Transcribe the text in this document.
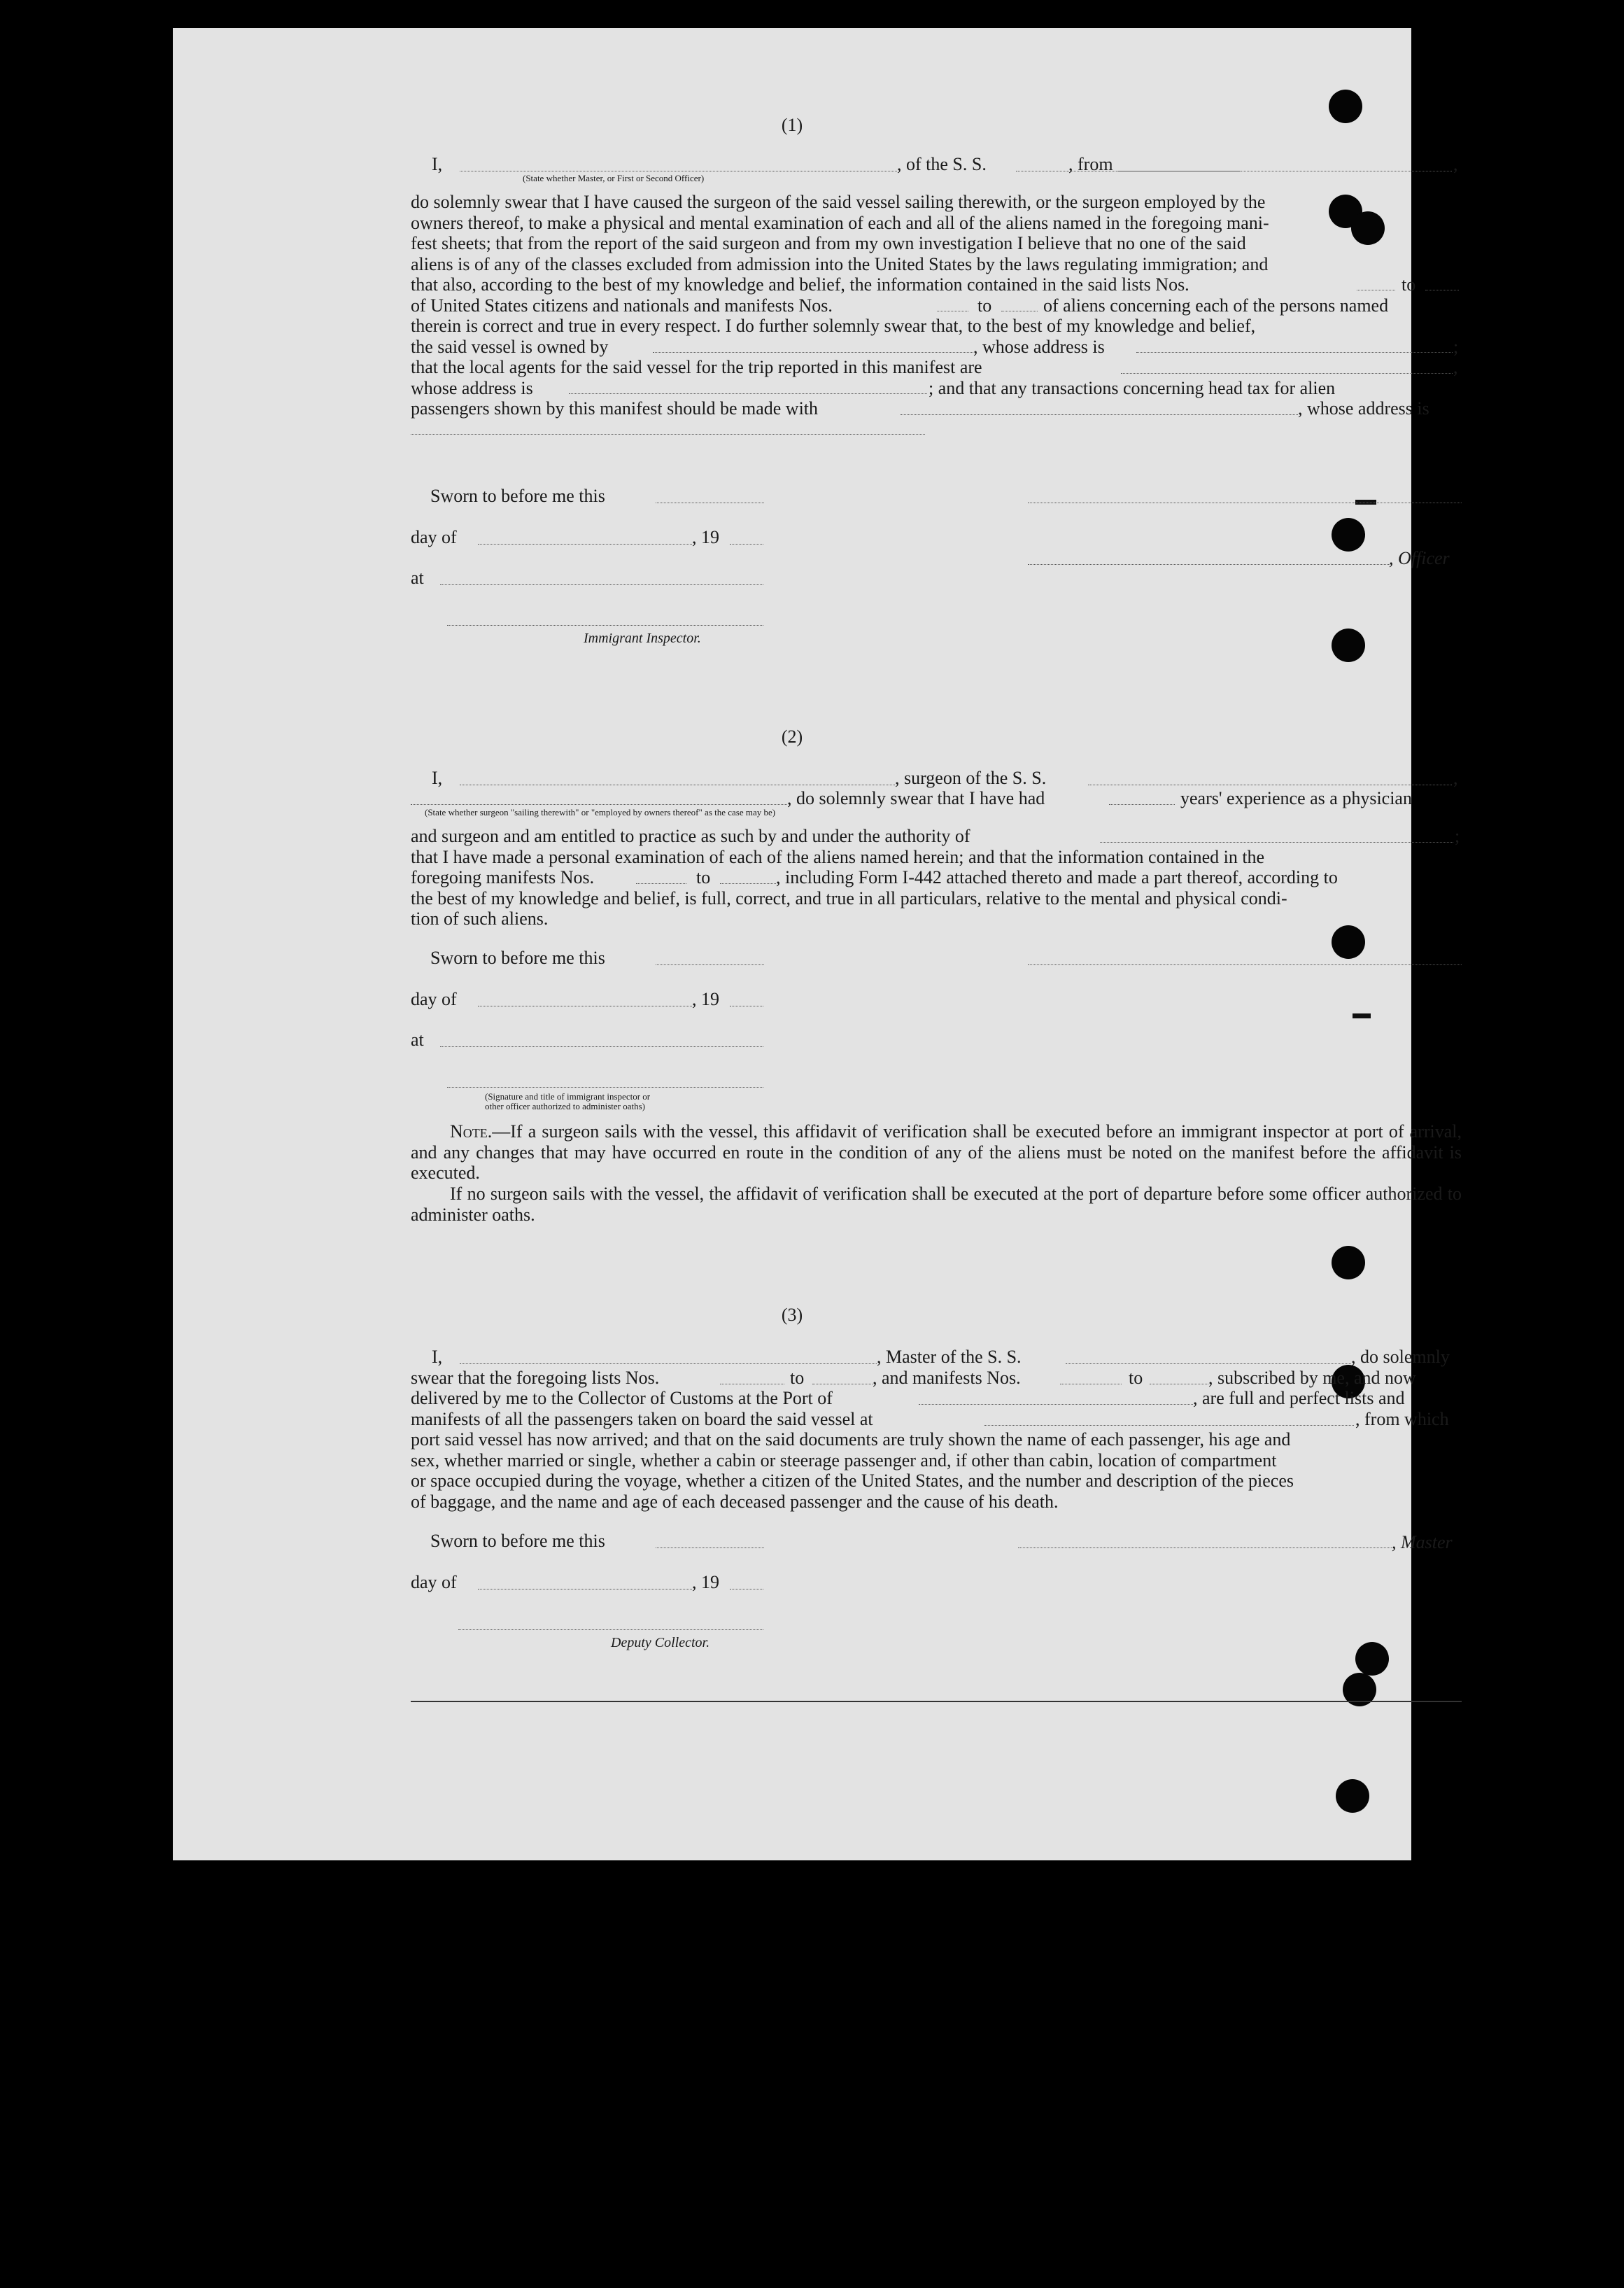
(1)
I,	, of the S. S.	, from	,
(State whether Master, or First or Second Officer)
do solemnly swear that I have caused the surgeon of the said vessel sailing therewith, or the surgeon employed by the
owners thereof, to make a physical and mental examination of each and all of the aliens named in the foregoing mani-
fest sheets; that from the report of the said surgeon and from my own investigation I believe that no one of the said
aliens is of any of the classes excluded from admission into the United States by the laws regulating immigration; and
that also, according to the best of my knowledge and belief, the information contained in the said lists Nos.	to
of United States citizens and nationals and manifests Nos.	to	of aliens concerning each of the persons named
therein is correct and true in every respect. I do further solemnly swear that, to the best of my knowledge and belief,
the said vessel is owned by	, whose address is	;
that the local agents for the said vessel for the trip reported in this manifest are	,
whose address is	; and that any transactions concerning head tax for alien
passengers shown by this manifest should be made with	, whose address is
Sworn to before me this
day of	, 19
, Officer
at
Immigrant Inspector.
(2)
I,	, surgeon of the S. S.	,
, do solemnly swear that I have had	years' experience as a physician
(State whether surgeon "sailing therewith" or "employed by owners thereof" as the case may be)
and surgeon and am entitled to practice as such by and under the authority of	;
that I have made a personal examination of each of the aliens named herein; and that the information contained in the
foregoing manifests Nos.	to	, including Form I-442 attached thereto and made a part thereof, according to
the best of my knowledge and belief, is full, correct, and true in all particulars, relative to the mental and physical condi-
tion of such aliens.
Sworn to before me this
day of	, 19
at
(Signature and title of immigrant inspector or
other officer authorized to administer oaths)

Note.—If a surgeon sails with the vessel, this affidavit of verification shall be executed before an immigrant inspector at port of arrival, and any changes that may have occurred en route in the condition of any of the aliens must be noted on the manifest before the affidavit is executed.

If no surgeon sails with the vessel, the affidavit of verification shall be executed at the port of departure before some officer authorized to administer oaths.

(3)
I,	, Master of the S. S.	, do solemnly
swear that the foregoing lists Nos.	to	, and manifests Nos.	to	, subscribed by me, and now
delivered by me to the Collector of Customs at the Port of	, are full and perfect lists and
manifests of all the passengers taken on board the said vessel at	, from which
port said vessel has now arrived; and that on the said documents are truly shown the name of each passenger, his age and
sex, whether married or single, whether a cabin or steerage passenger and, if other than cabin, location of compartment
or space occupied during the voyage, whether a citizen of the United States, and the number and description of the pieces
of baggage, and the name and age of each deceased passenger and the cause of his death.
Sworn to before me this	, Master
day of	, 19
Deputy Collector.
